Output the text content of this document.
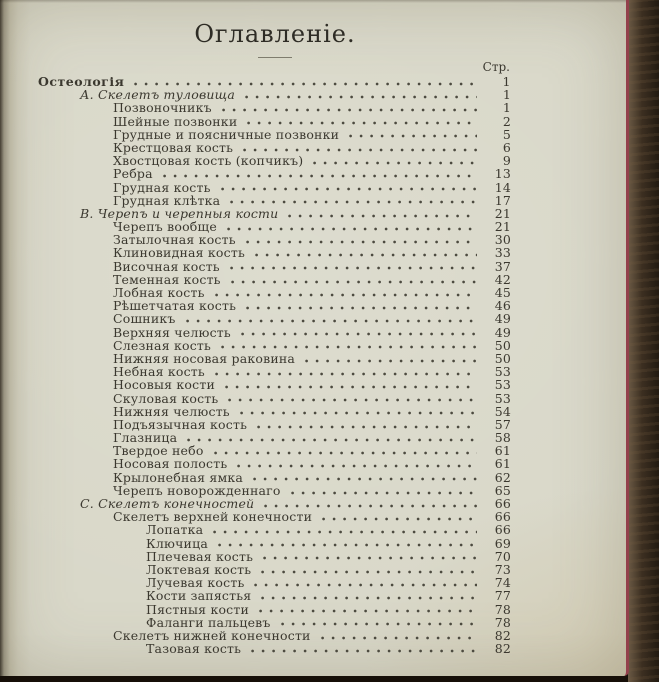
Оглавленіе.
Стр.
Остеологія	1
А. Скелетъ туловища	1
Позвоночникъ	1
Шейные позвонки	2
Грудные и поясничные позвонки	5
Крестцовая кость	6
Хвостцовая кость (копчикъ)	9
Ребра	13
Грудная кость	14
Грудная клѣтка	17
В. Черепъ и черепныя кости	21
Черепъ вообще	21
Затылочная кость	30
Клиновидная кость	33
Височная кость	37
Теменная кость	42
Лобная кость	45
Рѣшетчатая кость	46
Сошникъ	49
Верхняя челюсть	49
Слезная кость	50
Нижняя носовая раковина	50
Небная кость	53
Носовыя кости	53
Скуловая кость	53
Нижняя челюсть	54
Подъязычная кость	57
Глазница	58
Твердое небо	61
Носовая полость	61
Крылонебная ямка	62
Черепъ новорожденнаго	65
С. Скелетъ конечностей	66
Скелетъ верхней конечности	66
Лопатка	66
Ключица	69
Плечевая кость	70
Локтевая кость	73
Лучевая кость	74
Кости запястья	77
Пястныя кости	78
Фаланги пальцевъ	78
Скелетъ нижней конечности	82
Тазовая кость	82
